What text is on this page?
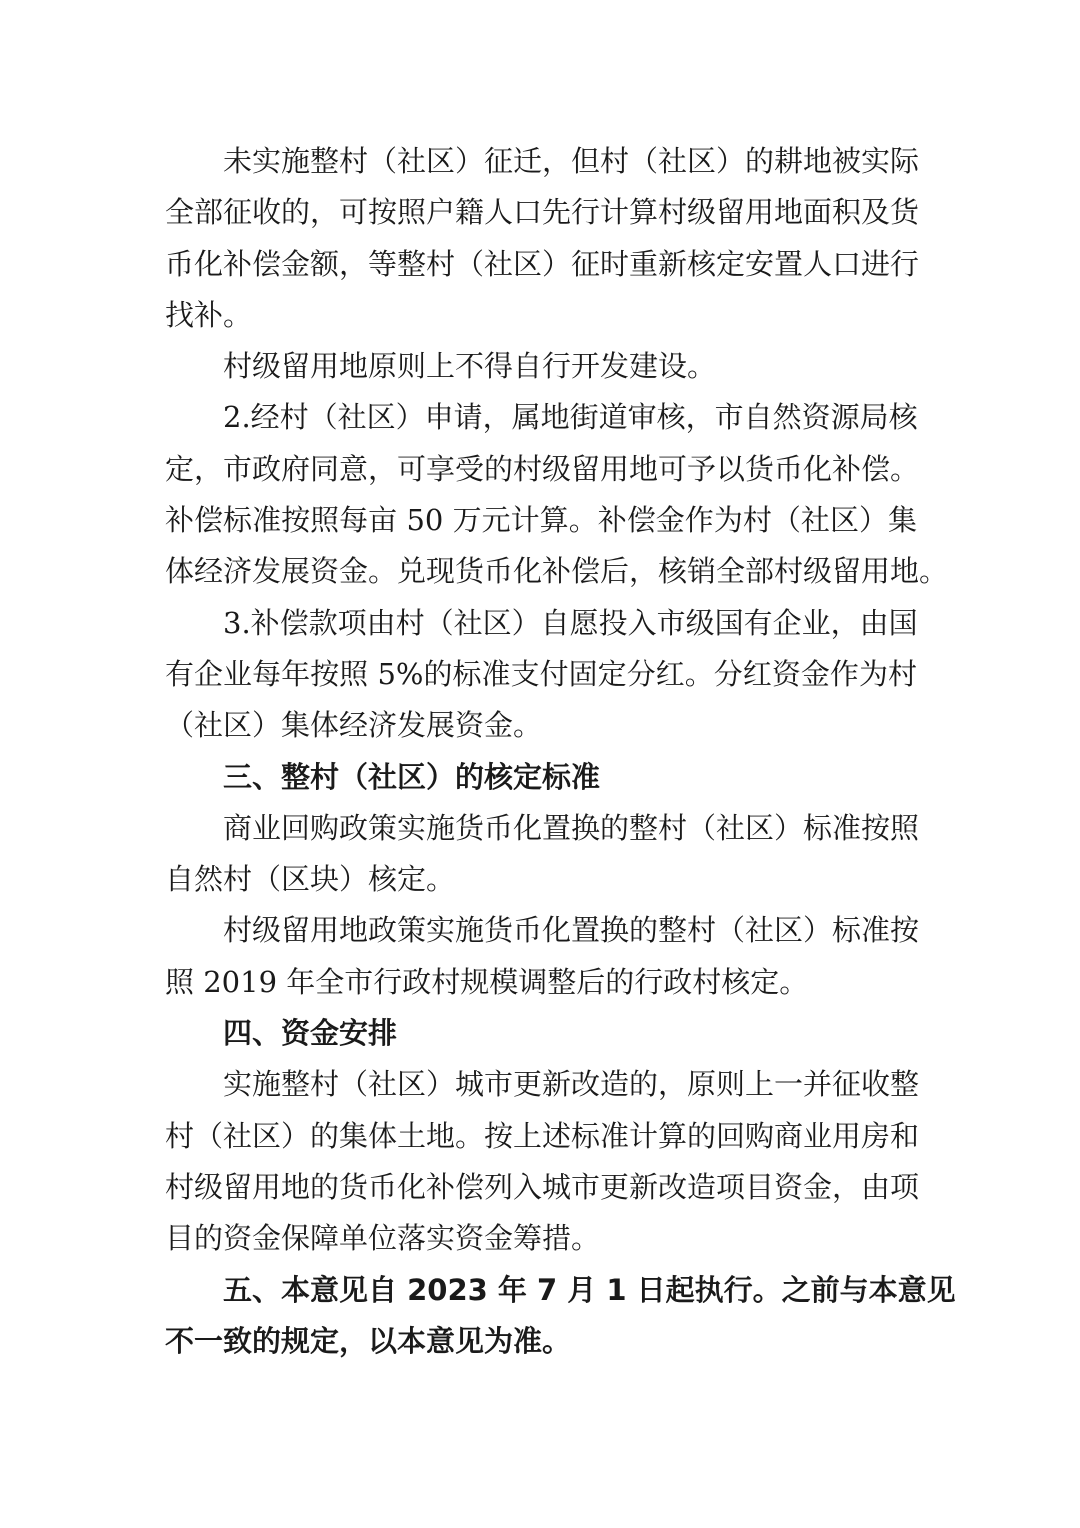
未实施整村（社区）征迁，但村（社区）的耕地被实际
全部征收的，可按照户籍人口先行计算村级留用地面积及货
币化补偿金额，等整村（社区）征时重新核定安置人口进行
找补。
村级留用地原则上不得自行开发建设。
2.经村（社区）申请，属地街道审核，市自然资源局核
定，市政府同意，可享受的村级留用地可予以货币化补偿。
补偿标准按照每亩 50 万元计算。补偿金作为村（社区）集
体经济发展资金。兑现货币化补偿后，核销全部村级留用地。
3.补偿款项由村（社区）自愿投入市级国有企业，由国
有企业每年按照 5%的标准支付固定分红。分红资金作为村
（社区）集体经济发展资金。
三、整村（社区）的核定标准
商业回购政策实施货币化置换的整村（社区）标准按照
自然村（区块）核定。
村级留用地政策实施货币化置换的整村（社区）标准按
照 2019 年全市行政村规模调整后的行政村核定。
四、资金安排
实施整村（社区）城市更新改造的，原则上一并征收整
村（社区）的集体土地。按上述标准计算的回购商业用房和
村级留用地的货币化补偿列入城市更新改造项目资金，由项
目的资金保障单位落实资金筹措。
五、本意见自 2023 年 7 月 1 日起执行。之前与本意见
不一致的规定，以本意见为准。
